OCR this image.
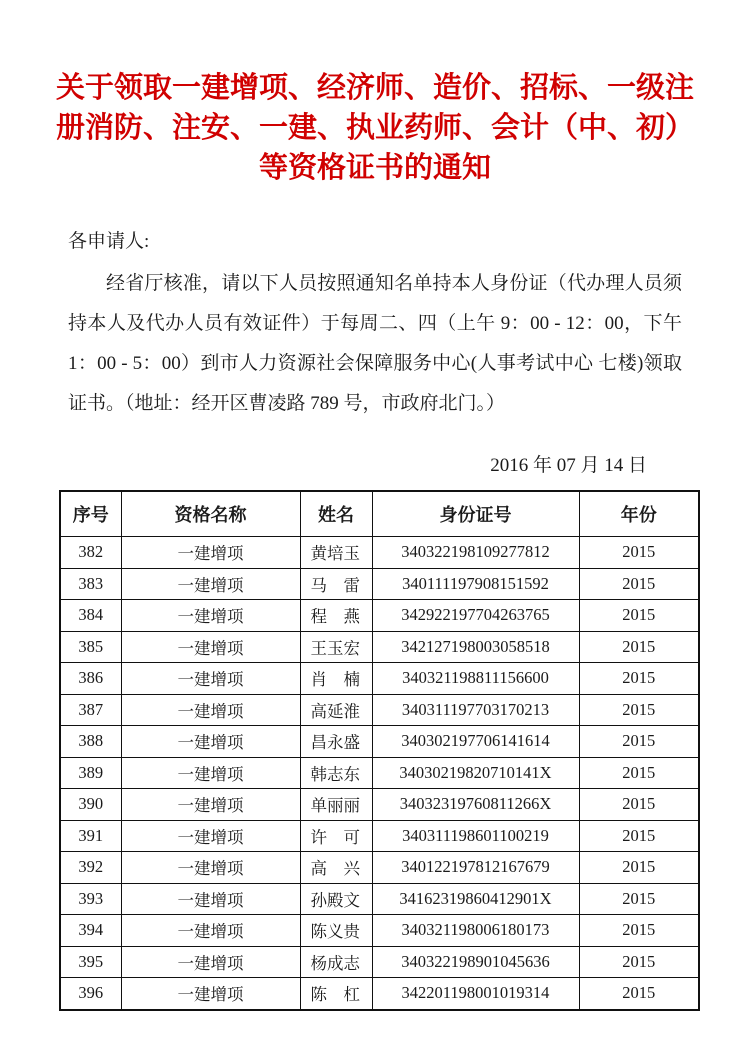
关于领取一建增项、经济师、造价、招标、一级注册消防、注安、一建、执业药师、会计（中、初）等资格证书的通知
各申请人:
经省厅核准，请以下人员按照通知名单持本人身份证（代办理人员须持本人及代办人员有效证件）于每周二、四（上午 9：00 - 12：00，下午 1：00 - 5：00）到市人力资源社会保障服务中心(人事考试中心 七楼)领取证书。（地址：经开区曹凌路 789 号，市政府北门。）
2016 年 07 月 14 日
序号	资格名称	姓名	身份证号	年份
382	一建增项	黄培玉	340322198109277812	2015
383	一建增项	马　雷	340111197908151592	2015
384	一建增项	程　燕	342922197704263765	2015
385	一建增项	王玉宏	342127198003058518	2015
386	一建增项	肖　楠	340321198811156600	2015
387	一建增项	高延淮	340311197703170213	2015
388	一建增项	昌永盛	340302197706141614	2015
389	一建增项	韩志东	34030219820710141X	2015
390	一建增项	单丽丽	34032319760811266X	2015
391	一建增项	许　可	340311198601100219	2015
392	一建增项	高　兴	340122197812167679	2015
393	一建增项	孙殿文	34162319860412901X	2015
394	一建增项	陈义贵	340321198006180173	2015
395	一建增项	杨成志	340322198901045636	2015
396	一建增项	陈　杠	342201198001019314	2015
